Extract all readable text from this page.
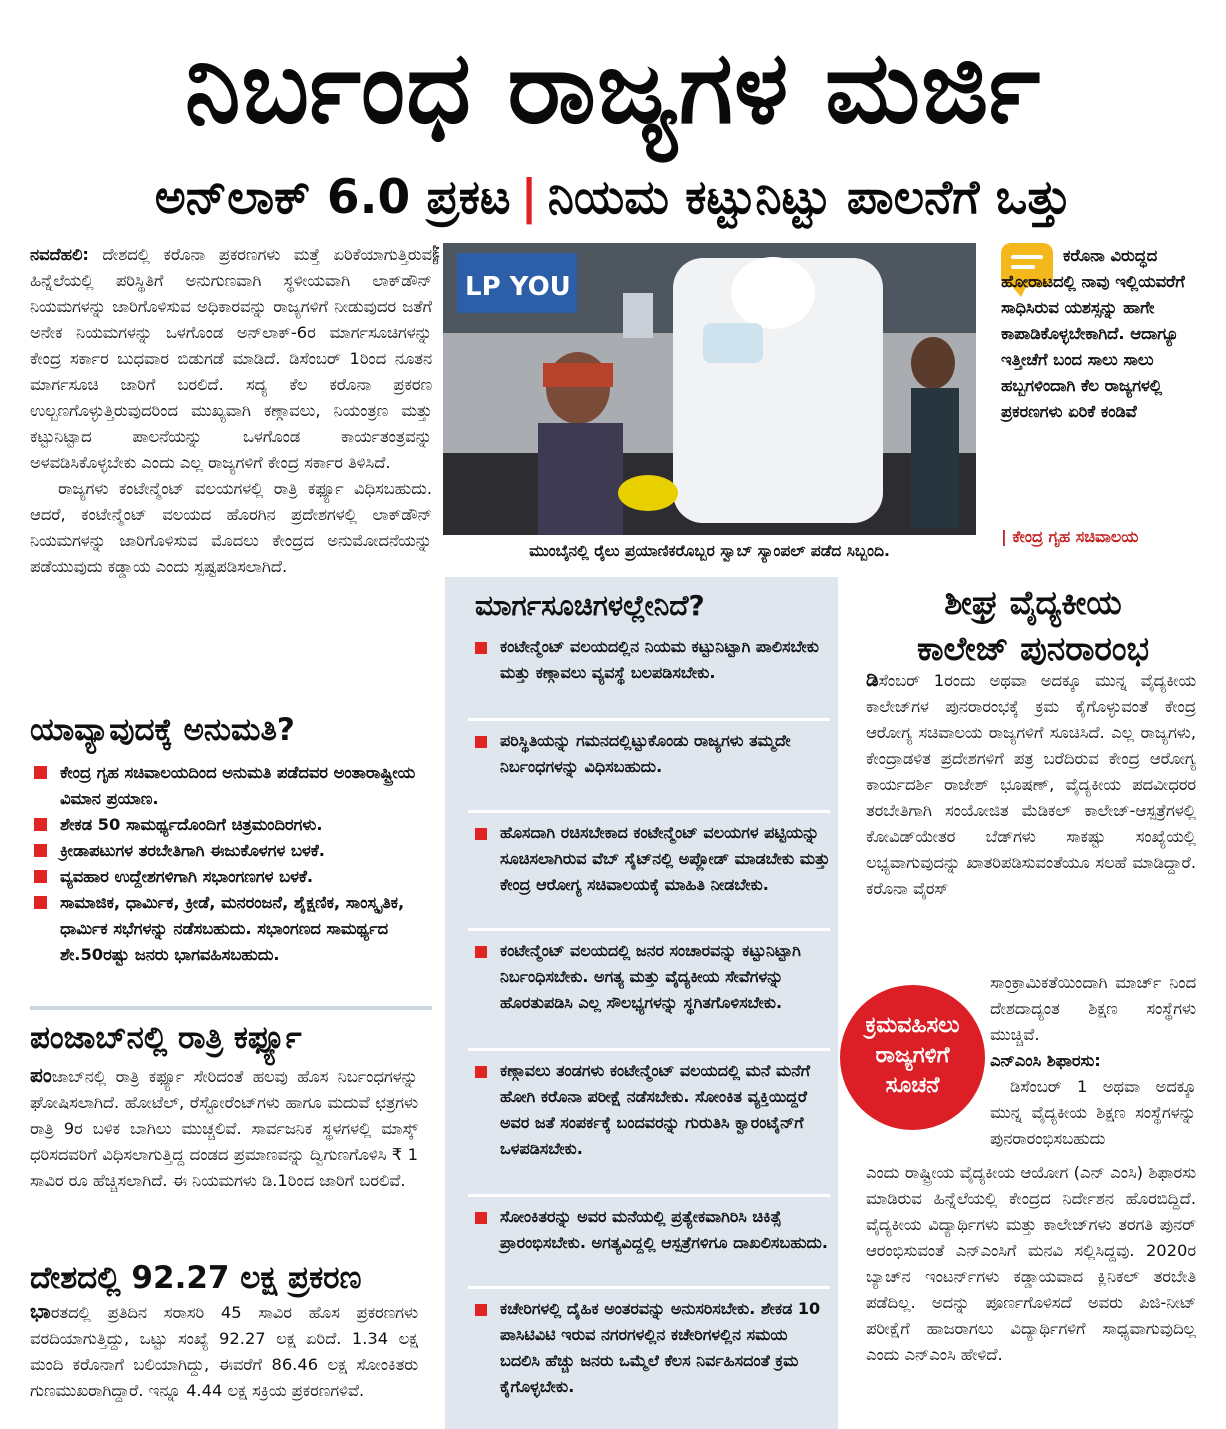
ನಿರ್ಬಂಧ ರಾಜ್ಯಗಳ ಮರ್ಜಿ
ಅನ್‌ಲಾಕ್ 6.0 ಪ್ರಕಟ | ನಿಯಮ ಕಟ್ಟುನಿಟ್ಟು ಪಾಲನೆಗೆ ಒತ್ತು

ನವದೆಹಲಿ: ದೇಶದಲ್ಲಿ ಕರೊನಾ ಪ್ರಕರಣಗಳು ಮತ್ತೆ ಏರಿಕೆಯಾಗುತ್ತಿರುವ ಹಿನ್ನೆಲೆಯಲ್ಲಿ ಪರಿಸ್ಥಿತಿಗೆ ಅನುಗುಣವಾಗಿ ಸ್ಥಳೀಯವಾಗಿ ಲಾಕ್‌ಡೌನ್ ನಿಯಮಗಳನ್ನು ಜಾರಿಗೊಳಿಸುವ ಅಧಿಕಾರವನ್ನು ರಾಜ್ಯಗಳಿಗೆ ನೀಡುವುದರ ಜತೆಗೆ ಅನೇಕ ನಿಯಮಗಳನ್ನು ಒಳಗೊಂಡ ಅನ್‌ಲಾಕ್-6ರ ಮಾರ್ಗಸೂಚಿಗಳನ್ನು ಕೇಂದ್ರ ಸರ್ಕಾರ ಬುಧವಾರ ಬಿಡುಗಡೆ ಮಾಡಿದೆ. ಡಿಸೆಂಬರ್ 1ರಿಂದ ನೂತನ ಮಾರ್ಗಸೂಚಿ ಜಾರಿಗೆ ಬರಲಿದೆ. ಸದ್ಯ ಕೆಲ ಕರೊನಾ ಪ್ರಕರಣ ಉಲ್ಬಣಗೊಳ್ಳುತ್ತಿರುವುದರಿಂದ ಮುಖ್ಯವಾಗಿ ಕಣ್ಗಾವಲು, ನಿಯಂತ್ರಣ ಮತ್ತು ಕಟ್ಟುನಿಟ್ಟಾದ ಪಾಲನೆಯನ್ನು ಒಳಗೊಂಡ ಕಾರ್ಯತಂತ್ರವನ್ನು ಅಳವಡಿಸಿಕೊಳ್ಳಬೇಕು ಎಂದು ಎಲ್ಲ ರಾಜ್ಯಗಳಿಗೆ ಕೇಂದ್ರ ಸರ್ಕಾರ ತಿಳಿಸಿದೆ.

ರಾಜ್ಯಗಳು ಕಂಟೇನ್ಮೆಂಟ್ ವಲಯಗಳಲ್ಲಿ ರಾತ್ರಿ ಕರ್ಫ್ಯೂ ವಿಧಿಸಬಹುದು. ಆದರೆ, ಕಂಟೇನ್ಮೆಂಟ್ ವಲಯದ ಹೊರಗಿನ ಪ್ರದೇಶಗಳಲ್ಲಿ ಲಾಕ್‌ಡೌನ್ ನಿಯಮಗಳನ್ನು ಜಾರಿಗೊಳಿಸುವ ಮೊದಲು ಕೇಂದ್ರದ ಅನುಮೋದನೆಯನ್ನು ಪಡೆಯುವುದು ಕಡ್ಡಾಯ ಎಂದು ಸ್ಪಷ್ಟಪಡಿಸಲಾಗಿದೆ.

ಯಾವ್ಯಾವುದಕ್ಕೆ ಅನುಮತಿ?
ಕೇಂದ್ರ ಗೃಹ ಸಚಿವಾಲಯದಿಂದ ಅನುಮತಿ ಪಡೆದವರ ಅಂತಾರಾಷ್ಟ್ರೀಯ ವಿಮಾನ ಪ್ರಯಾಣ.
ಶೇಕಡ 50 ಸಾಮರ್ಥ್ಯದೊಂದಿಗೆ ಚಿತ್ರಮಂದಿರಗಳು.
ಕ್ರೀಡಾಪಟುಗಳ ತರಬೇತಿಗಾಗಿ ಈಜುಕೊಳಗಳ ಬಳಕೆ.
ವ್ಯವಹಾರ ಉದ್ದೇಶಗಳಿಗಾಗಿ ಸಭಾಂಗಣಗಳ ಬಳಕೆ.
ಸಾಮಾಜಿಕ, ಧಾರ್ಮಿಕ, ಕ್ರೀಡೆ, ಮನರಂಜನೆ, ಶೈಕ್ಷಣಿಕ, ಸಾಂಸ್ಕೃತಿಕ, ಧಾರ್ಮಿಕ ಸಭೆಗಳನ್ನು ನಡೆಸಬಹುದು. ಸಭಾಂಗಣದ ಸಾಮರ್ಥ್ಯದ ಶೇ.50ರಷ್ಟು ಜನರು ಭಾಗವಹಿಸಬಹುದು.
ಪಂಜಾಬ್‌ನಲ್ಲಿ ರಾತ್ರಿ ಕರ್ಫ್ಯೂ

ಪಂಜಾಬ್‌ನಲ್ಲಿ ರಾತ್ರಿ ಕರ್ಫ್ಯೂ ಸೇರಿದಂತೆ ಹಲವು ಹೊಸ ನಿರ್ಬಂಧಗಳನ್ನು ಘೋಷಿಸಲಾಗಿದೆ. ಹೋಟೆಲ್, ರೆಸ್ಟೋರೆಂಟ್‌ಗಳು ಹಾಗೂ ಮದುವೆ ಛತ್ರಗಳು ರಾತ್ರಿ 9ರ ಬಳಿಕ ಬಾಗಿಲು ಮುಚ್ಚಲಿವೆ. ಸಾರ್ವಜನಿಕ ಸ್ಥಳಗಳಲ್ಲಿ ಮಾಸ್ಕ್ ಧರಿಸದವರಿಗೆ ವಿಧಿಸಲಾಗುತ್ತಿದ್ದ ದಂಡದ ಪ್ರಮಾಣವನ್ನು ದ್ವಿಗುಣಗೊಳಿಸಿ ₹ 1 ಸಾವಿರ ರೂ ಹೆಚ್ಚಿಸಲಾಗಿದೆ. ಈ ನಿಯಮಗಳು ಡಿ.1ರಿಂದ ಜಾರಿಗೆ ಬರಲಿವೆ.

ದೇಶದಲ್ಲಿ 92.27 ಲಕ್ಷ ಪ್ರಕರಣ

ಭಾರತದಲ್ಲಿ ಪ್ರತಿದಿನ ಸರಾಸರಿ 45 ಸಾವಿರ ಹೊಸ ಪ್ರಕರಣಗಳು ವರದಿಯಾಗುತ್ತಿದ್ದು, ಒಟ್ಟು ಸಂಖ್ಯೆ 92.27 ಲಕ್ಷ ಏರಿದೆ. 1.34 ಲಕ್ಷ ಮಂದಿ ಕರೊನಾಗೆ ಬಲಿಯಾಗಿದ್ದು, ಈವರೆಗೆ 86.46 ಲಕ್ಷ ಸೋಂಕಿತರು ಗುಣಮುಖರಾಗಿದ್ದಾರೆ. ಇನ್ನೂ 4.44 ಲಕ್ಷ ಸಕ್ರಿಯ ಪ್ರಕರಣಗಳಿವೆ.

LP YOU
ಪಿಟಿಐ
ಮುಂಬೈನಲ್ಲಿ ರೈಲು ಪ್ರಯಾಣಿಕರೊಬ್ಬರ ಸ್ವಾಬ್ ಸ್ಯಾಂಪಲ್ ಪಡೆದ ಸಿಬ್ಬಂದಿ.
ಕರೊನಾ ವಿರುದ್ಧದ ಹೋರಾಟದಲ್ಲಿ ನಾವು ಇಲ್ಲಿಯವರೆಗೆ ಸಾಧಿಸಿರುವ ಯಶಸ್ಸನ್ನು ಹಾಗೇ ಕಾಪಾಡಿಕೊಳ್ಳಬೇಕಾಗಿದೆ. ಆದಾಗ್ಯೂ ಇತ್ತೀಚೆಗೆ ಬಂದ ಸಾಲು ಸಾಲು ಹಬ್ಬಗಳಿಂದಾಗಿ ಕೆಲ ರಾಜ್ಯಗಳಲ್ಲಿ ಪ್ರಕರಣಗಳು ಏರಿಕೆ ಕಂಡಿವೆ
| ಕೇಂದ್ರ ಗೃಹ ಸಚಿವಾಲಯ
ಮಾರ್ಗಸೂಚಿಗಳಲ್ಲೇನಿದೆ?
ಕಂಟೇನ್ಮೆಂಟ್ ವಲಯದಲ್ಲಿನ ನಿಯಮ ಕಟ್ಟುನಿಟ್ಟಾಗಿ ಪಾಲಿಸಬೇಕು ಮತ್ತು ಕಣ್ಗಾವಲು ವ್ಯವಸ್ಥೆ ಬಲಪಡಿಸಬೇಕು.
ಪರಿಸ್ಥಿತಿಯನ್ನು ಗಮನದಲ್ಲಿಟ್ಟುಕೊಂಡು ರಾಜ್ಯಗಳು ತಮ್ಮದೇ ನಿರ್ಬಂಧಗಳನ್ನು ವಿಧಿಸಬಹುದು.
ಹೊಸದಾಗಿ ರಚಿಸಬೇಕಾದ ಕಂಟೇನ್ಮೆಂಟ್ ವಲಯಗಳ ಪಟ್ಟಿಯನ್ನು ಸೂಚಿಸಲಾಗಿರುವ ವೆಬ್ ಸೈಟ್‌ನಲ್ಲಿ ಅಪ್ಲೋಡ್ ಮಾಡಬೇಕು ಮತ್ತು ಕೇಂದ್ರ ಆರೋಗ್ಯ ಸಚಿವಾಲಯಕ್ಕೆ ಮಾಹಿತಿ ನೀಡಬೇಕು.
ಕಂಟೇನ್ಮೆಂಟ್ ವಲಯದಲ್ಲಿ ಜನರ ಸಂಚಾರವನ್ನು ಕಟ್ಟುನಿಟ್ಟಾಗಿ ನಿರ್ಬಂಧಿಸಬೇಕು. ಅಗತ್ಯ ಮತ್ತು ವೈದ್ಯಕೀಯ ಸೇವೆಗಳನ್ನು ಹೊರತುಪಡಿಸಿ ಎಲ್ಲ ಸೌಲಭ್ಯಗಳನ್ನು ಸ್ಥಗಿತಗೊಳಿಸಬೇಕು.
ಕಣ್ಗಾವಲು ತಂಡಗಳು ಕಂಟೇನ್ಮೆಂಟ್ ವಲಯದಲ್ಲಿ ಮನೆ ಮನೆಗೆ ಹೋಗಿ ಕರೊನಾ ಪರೀಕ್ಷೆ ನಡೆಸಬೇಕು. ಸೋಂಕಿತ ವ್ಯಕ್ತಿಯಿದ್ದರೆ ಅವರ ಜತೆ ಸಂಪರ್ಕಕ್ಕೆ ಬಂದವರನ್ನು ಗುರುತಿಸಿ ಕ್ವಾರಂಟೈನ್‌ಗೆ ಒಳಪಡಿಸಬೇಕು.
ಸೋಂಕಿತರನ್ನು ಅವರ ಮನೆಯಲ್ಲಿ ಪ್ರತ್ಯೇಕವಾಗಿರಿಸಿ ಚಿಕಿತ್ಸೆ ಪ್ರಾರಂಭಿಸಬೇಕು. ಅಗತ್ಯವಿದ್ದಲ್ಲಿ ಆಸ್ಪತ್ರೆಗಳಿಗೂ ದಾಖಲಿಸಬಹುದು.
ಕಚೇರಿಗಳಲ್ಲಿ ದೈಹಿಕ ಅಂತರವನ್ನು ಅನುಸರಿಸಬೇಕು. ಶೇಕಡ 10 ಪಾಸಿಟಿವಿಟಿ ಇರುವ ನಗರಗಳಲ್ಲಿನ ಕಚೇರಿಗಳಲ್ಲಿನ ಸಮಯ ಬದಲಿಸಿ ಹೆಚ್ಚು ಜನರು ಒಮ್ಮೆಲೆ ಕೆಲಸ ನಿರ್ವಹಿಸದಂತೆ ಕ್ರಮ ಕೈಗೊಳ್ಳಬೇಕು.
ಶೀಘ್ರ ವೈದ್ಯಕೀಯ
ಕಾಲೇಜ್ ಪುನರಾರಂಭ

ಡಿಸೆಂಬರ್ 1ರಂದು ಅಥವಾ ಅದಕ್ಕೂ ಮುನ್ನ ವೈದ್ಯಕೀಯ ಕಾಲೇಜ್‌ಗಳ ಪುನರಾರಂಭಕ್ಕೆ ಕ್ರಮ ಕೈಗೊಳ್ಳುವಂತೆ ಕೇಂದ್ರ ಆರೋಗ್ಯ ಸಚಿವಾಲಯ ರಾಜ್ಯಗಳಿಗೆ ಸೂಚಿಸಿದೆ. ಎಲ್ಲ ರಾಜ್ಯಗಳು, ಕೇಂದ್ರಾಡಳಿತ ಪ್ರದೇಶಗಳಿಗೆ ಪತ್ರ ಬರೆದಿರುವ ಕೇಂದ್ರ ಆರೋಗ್ಯ ಕಾರ್ಯದರ್ಶಿ ರಾಜೇಶ್ ಭೂಷಣ್, ವೈದ್ಯಕೀಯ ಪದವೀಧರರ ತರಬೇತಿಗಾಗಿ ಸಂಯೋಜಿತ ಮೆಡಿಕಲ್ ಕಾಲೇಜ್-ಆಸ್ಪತ್ರೆಗಳಲ್ಲಿ ಕೋವಿಡ್‌ಯೇತರ ಬೆಡ್‌ಗಳು ಸಾಕಷ್ಟು ಸಂಖ್ಯೆಯಲ್ಲಿ ಲಭ್ಯವಾಗುವುದನ್ನು ಖಾತರಿಪಡಿಸುವಂತೆಯೂ ಸಲಹೆ ಮಾಡಿದ್ದಾರೆ. ಕರೊನಾ ವೈರಸ್

ಸಾಂಕ್ರಾಮಿಕತೆಯಿಂದಾಗಿ ಮಾರ್ಚ್ ನಿಂದ ದೇಶದಾದ್ಯಂತ ಶಿಕ್ಷಣ ಸಂಸ್ಥೆಗಳು ಮುಚ್ಚಿವೆ.

ಎನ್‌ಎಂಸಿ ಶಿಫಾರಸು:

ಡಿಸೆಂಬರ್ 1 ಅಥವಾ ಅದಕ್ಕೂ ಮುನ್ನ ವೈದ್ಯಕೀಯ ಶಿಕ್ಷಣ ಸಂಸ್ಥೆಗಳನ್ನು ಪುನರಾರಂಭಿಸಬಹುದು

ಎಂದು ರಾಷ್ಟ್ರೀಯ ವೈದ್ಯಕೀಯ ಆಯೋಗ (ಎನ್ ಎಂಸಿ) ಶಿಫಾರಸು ಮಾಡಿರುವ ಹಿನ್ನೆಲೆಯಲ್ಲಿ ಕೇಂದ್ರದ ನಿರ್ದೇಶನ ಹೊರಬಿದ್ದಿದೆ. ವೈದ್ಯಕೀಯ ವಿದ್ಯಾರ್ಥಿಗಳು ಮತ್ತು ಕಾಲೇಜ್‌ಗಳು ತರಗತಿ ಪುನರ್ ಆರಂಭಿಸುವಂತೆ ಎನ್‌ಎಂಸಿಗೆ ಮನವಿ ಸಲ್ಲಿಸಿದ್ದವು. 2020ರ ಬ್ಯಾಚ್‌ನ ಇಂಟರ್ನ್‌ಗಳು ಕಡ್ಡಾಯವಾದ ಕ್ಲಿನಿಕಲ್ ತರಬೇತಿ ಪಡೆದಿಲ್ಲ. ಅದನ್ನು ಪೂರ್ಣಗೊಳಿಸದೆ ಅವರು ಪಿಜಿ-ನೀಟ್ ಪರೀಕ್ಷೆಗೆ ಹಾಜರಾಗಲು ವಿದ್ಯಾರ್ಥಿಗಳಿಗೆ ಸಾಧ್ಯವಾಗುವುದಿಲ್ಲ ಎಂದು ಎನ್‌ಎಂಸಿ ಹೇಳಿದೆ.

ಕ್ರಮವಹಿಸಲು
ರಾಜ್ಯಗಳಿಗೆ
ಸೂಚನೆ
